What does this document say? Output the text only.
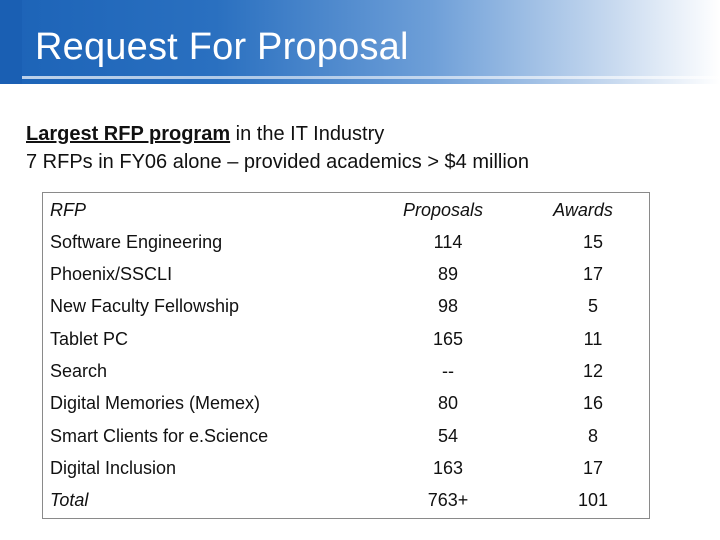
Request For Proposal
Largest RFP program in the IT Industry
7 RFPs in FY06 alone – provided academics > $4 million
RFP	Proposals	Awards
Software Engineering	114	15
Phoenix/SSCLI	89	17
New Faculty Fellowship	98	5
Tablet PC	165	11
Search	--	12
Digital Memories (Memex)	80	16
Smart Clients for e.Science	54	8
Digital Inclusion	163	17
Total	763+	101
